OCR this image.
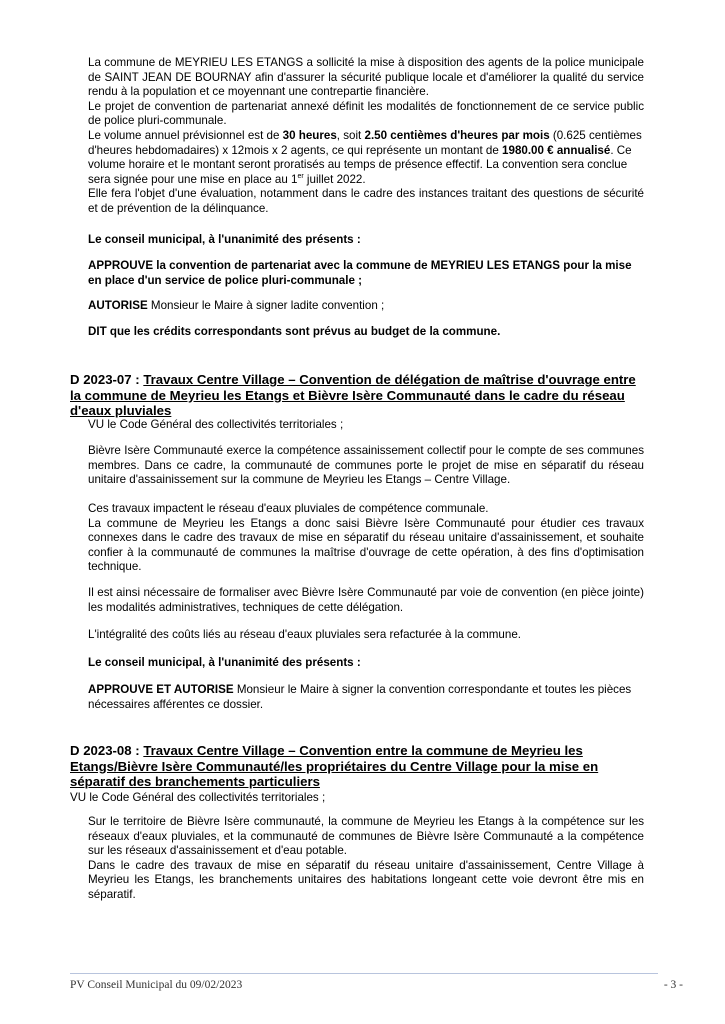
La commune de MEYRIEU LES ETANGS a sollicité la mise à disposition des agents de la police municipale de SAINT JEAN DE BOURNAY afin d'assurer la sécurité publique locale et d'améliorer la qualité du service rendu à la population et ce moyennant une contrepartie financière.

Le projet de convention de partenariat annexé définit les modalités de fonctionnement de ce service public de police pluri-communale.

Le volume annuel prévisionnel est de 30 heures, soit 2.50 centièmes d'heures par mois (0.625 centièmes d'heures hebdomadaires) x 12mois x 2 agents, ce qui représente un montant de 1980.00 € annualisé. Ce volume horaire et le montant seront proratisés au temps de présence effectif. La convention sera conclue sera signée pour une mise en place au 1er juillet 2022.

Elle fera l'objet d'une évaluation, notamment dans le cadre des instances traitant des questions de sécurité et de prévention de la délinquance.

Le conseil municipal, à l'unanimité des présents :
APPROUVE la convention de partenariat avec la commune de MEYRIEU LES ETANGS pour la mise en place d'un service de police pluri-communale ;
AUTORISE Monsieur le Maire à signer ladite convention ;
DIT que les crédits correspondants sont prévus au budget de la commune.
D 2023-07 : Travaux Centre Village – Convention de délégation de maîtrise d'ouvrage entre la commune de Meyrieu les Etangs et Bièvre Isère Communauté dans le cadre du réseau d'eaux pluviales
VU le Code Général des collectivités territoriales ;
Bièvre Isère Communauté exerce la compétence assainissement collectif pour le compte de ses communes membres. Dans ce cadre, la communauté de communes porte le projet de mise en séparatif du réseau unitaire d'assainissement sur la commune de Meyrieu les Etangs – Centre Village.

Ces travaux impactent le réseau d'eaux pluviales de compétence communale.

La commune de Meyrieu les Etangs a donc saisi Bièvre Isère Communauté pour étudier ces travaux connexes dans le cadre des travaux de mise en séparatif du réseau unitaire d'assainissement, et souhaite confier à la communauté de communes la maîtrise d'ouvrage de cette opération, à des fins d'optimisation technique.

Il est ainsi nécessaire de formaliser avec Bièvre Isère Communauté par voie de convention (en pièce jointe) les modalités administratives, techniques de cette délégation.
L'intégralité des coûts liés au réseau d'eaux pluviales sera refacturée à la commune.
Le conseil municipal, à l'unanimité des présents :
APPROUVE ET AUTORISE Monsieur le Maire à signer la convention correspondante et toutes les pièces nécessaires afférentes ce dossier.
D 2023-08 : Travaux Centre Village – Convention entre la commune de Meyrieu les Etangs/Bièvre Isère Communauté/les propriétaires du Centre Village pour la mise en séparatif des branchements particuliers
VU le Code Général des collectivités territoriales ;

Sur le territoire de Bièvre Isère communauté, la commune de Meyrieu les Etangs à la compétence sur les réseaux d'eaux pluviales, et la communauté de communes de Bièvre Isère Communauté a la compétence sur les réseaux d'assainissement et d'eau potable.

Dans le cadre des travaux de mise en séparatif du réseau unitaire d'assainissement, Centre Village à Meyrieu les Etangs, les branchements unitaires des habitations longeant cette voie devront être mis en séparatif.

PV Conseil Municipal du 09/02/2023	- 3 -
